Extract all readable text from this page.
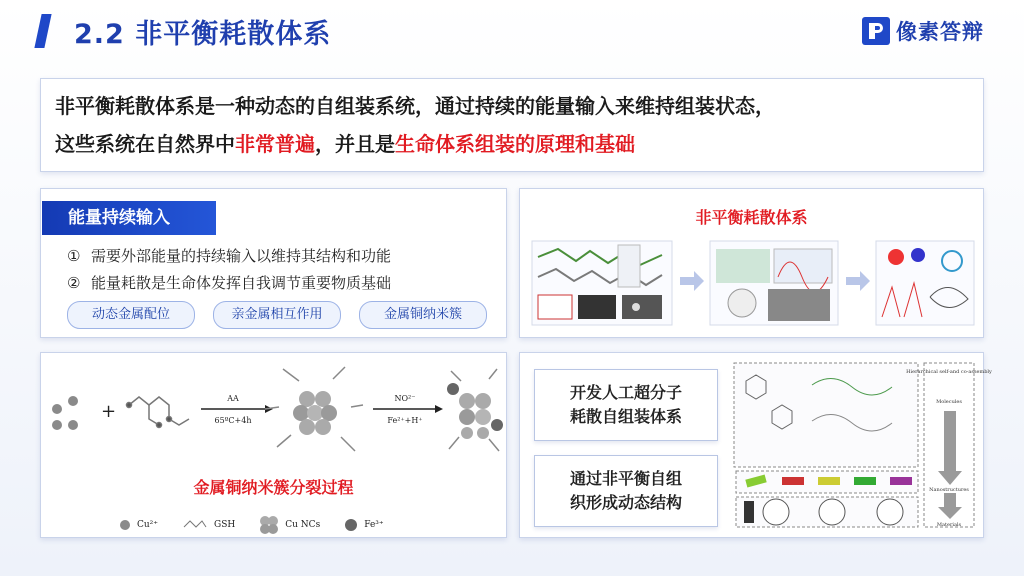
2.2 非平衡耗散体系	像素答辩

非平衡耗散体系是一种动态的自组装系统，通过持续的能量输入来维持组装状态，

这些系统在自然界中非常普遍，并且是生命体系组装的原理和基础

能量持续输入
① 需要外部能量的持续输入以维持其结构和功能
② 能量耗散是生命体发挥自我调节重要物质基础
动态金属配位	亲金属相互作用	金属铜纳米簇
非平衡耗散体系
+
AA
65ºC+4h
NO²⁻
Fe²⁺+H⁺
金属铜纳米簇分裂过程
Cu²⁺	GSH	Cu NCs	Fe³⁺
开发人工超分子
耗散自组装体系
通过非平衡自组
织形成动态结构
Hierarchical self-and co-assembly
Molecules
Nanostructures
Materials
